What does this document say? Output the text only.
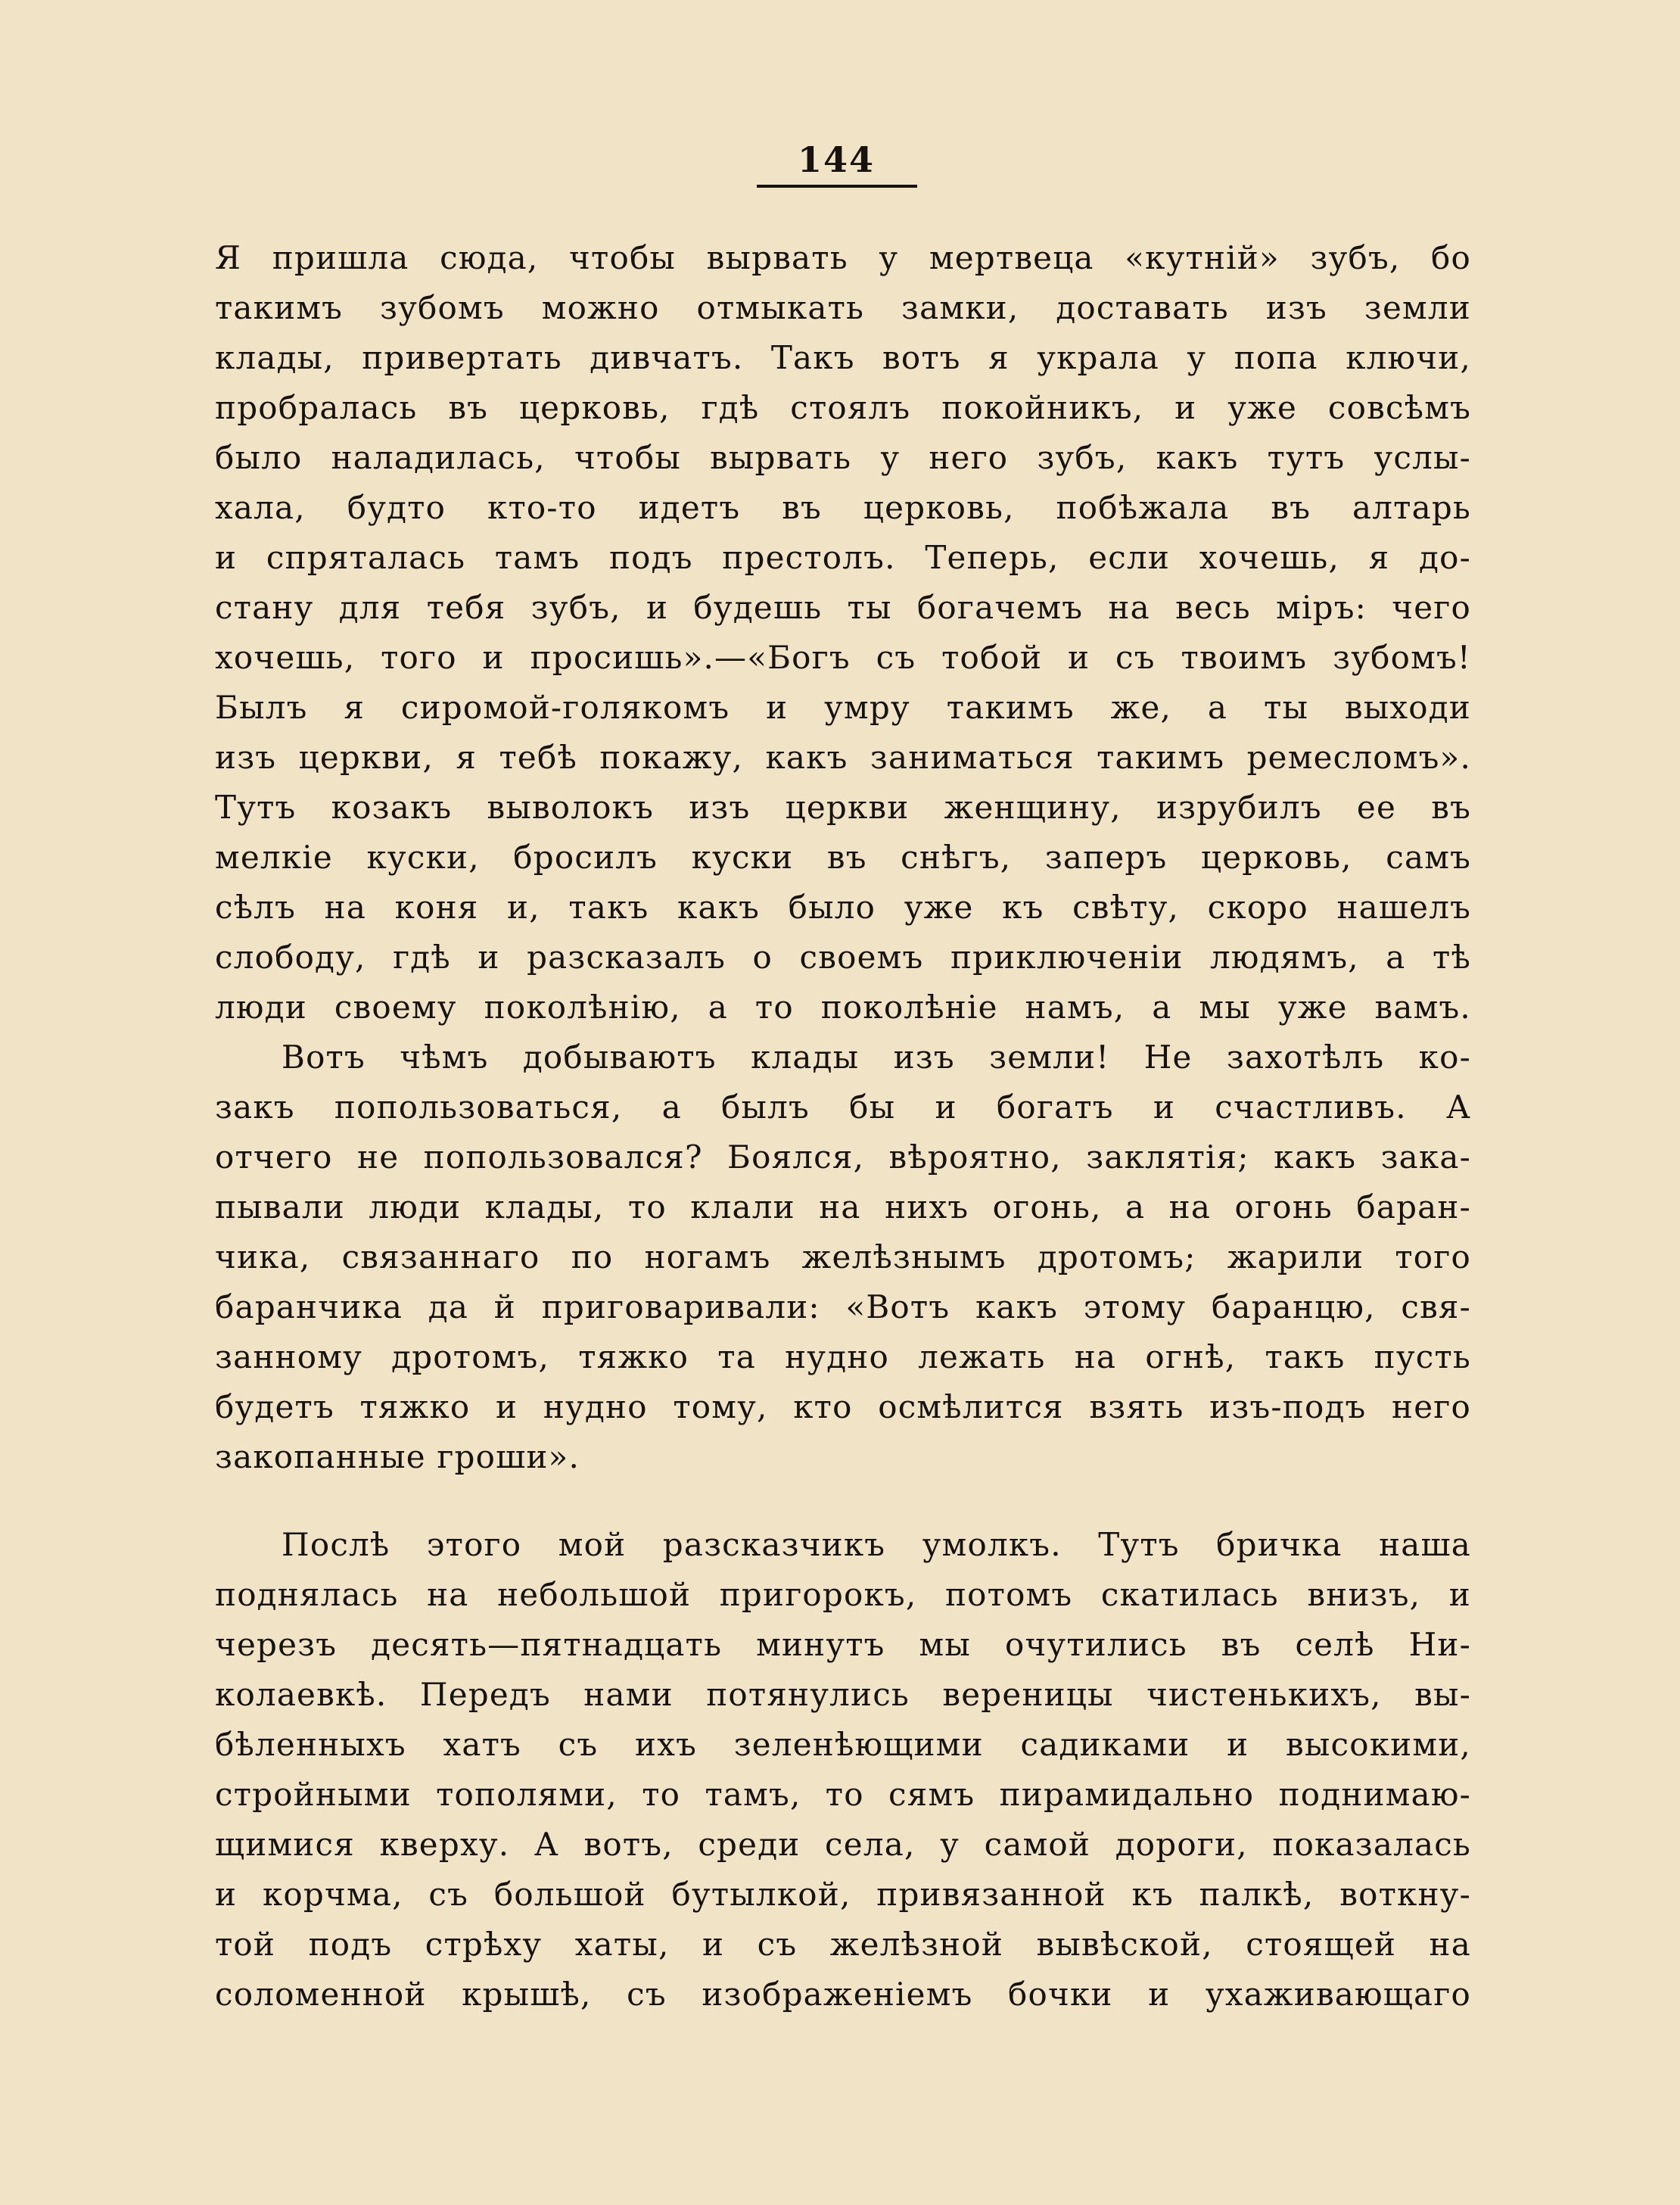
144
Я пришла сюда, чтобы вырвать у мертвеца «кутній» зубъ, бо
такимъ зубомъ можно отмыкать замки, доставать изъ земли
клады, привертать дивчатъ. Такъ вотъ я украла у попа ключи,
пробралась въ церковь, гдѣ стоялъ покойникъ, и уже совсѣмъ
было наладилась, чтобы вырвать у него зубъ, какъ тутъ услы-
хала, будто кто-то идетъ въ церковь, побѣжала въ алтарь
и спряталась тамъ подъ престолъ. Теперь, если хочешь, я до-
стану для тебя зубъ, и будешь ты богачемъ на весь міръ: чего
хочешь, того и просишь».—«Богъ съ тобой и съ твоимъ зубомъ!
Былъ я сиромой-голякомъ и умру такимъ же, а ты выходи
изъ церкви, я тебѣ покажу, какъ заниматься такимъ ремесломъ».
Тутъ козакъ выволокъ изъ церкви женщину, изрубилъ ее въ
мелкіе куски, бросилъ куски въ снѣгъ, заперъ церковь, самъ
сѣлъ на коня и, такъ какъ было уже къ свѣту, скоро нашелъ
слободу, гдѣ и разсказалъ о своемъ приключеніи людямъ, а тѣ
люди своему поколѣнію, а то поколѣніе намъ, а мы уже вамъ.
Вотъ чѣмъ добываютъ клады изъ земли! Не захотѣлъ ко-
закъ попользоваться, а былъ бы и богатъ и счастливъ. А
отчего не попользовался? Боялся, вѣроятно, заклятія; какъ зака-
пывали люди клады, то клали на нихъ огонь, а на огонь баран-
чика, связаннаго по ногамъ желѣзнымъ дротомъ; жарили того
баранчика да й приговаривали: «Вотъ какъ этому баранцю, свя-
занному дротомъ, тяжко та нудно лежать на огнѣ, такъ пусть
будетъ тяжко и нудно тому, кто осмѣлится взять изъ-подъ него
закопанные гроши».
Послѣ этого мой разсказчикъ умолкъ. Тутъ бричка наша
поднялась на небольшой пригорокъ, потомъ скатилась внизъ, и
черезъ десять—пятнадцать минутъ мы очутились въ селѣ Ни-
колаевкѣ. Передъ нами потянулись вереницы чистенькихъ, вы-
бѣленныхъ хатъ съ ихъ зеленѣющими садиками и высокими,
стройными тополями, то тамъ, то сямъ пирамидально поднимаю-
щимися кверху. А вотъ, среди села, у самой дороги, показалась
и корчма, съ большой бутылкой, привязанной къ палкѣ, воткну-
той подъ стрѣху хаты, и съ желѣзной вывѣской, стоящей на
соломенной крышѣ, съ изображеніемъ бочки и ухаживающаго
